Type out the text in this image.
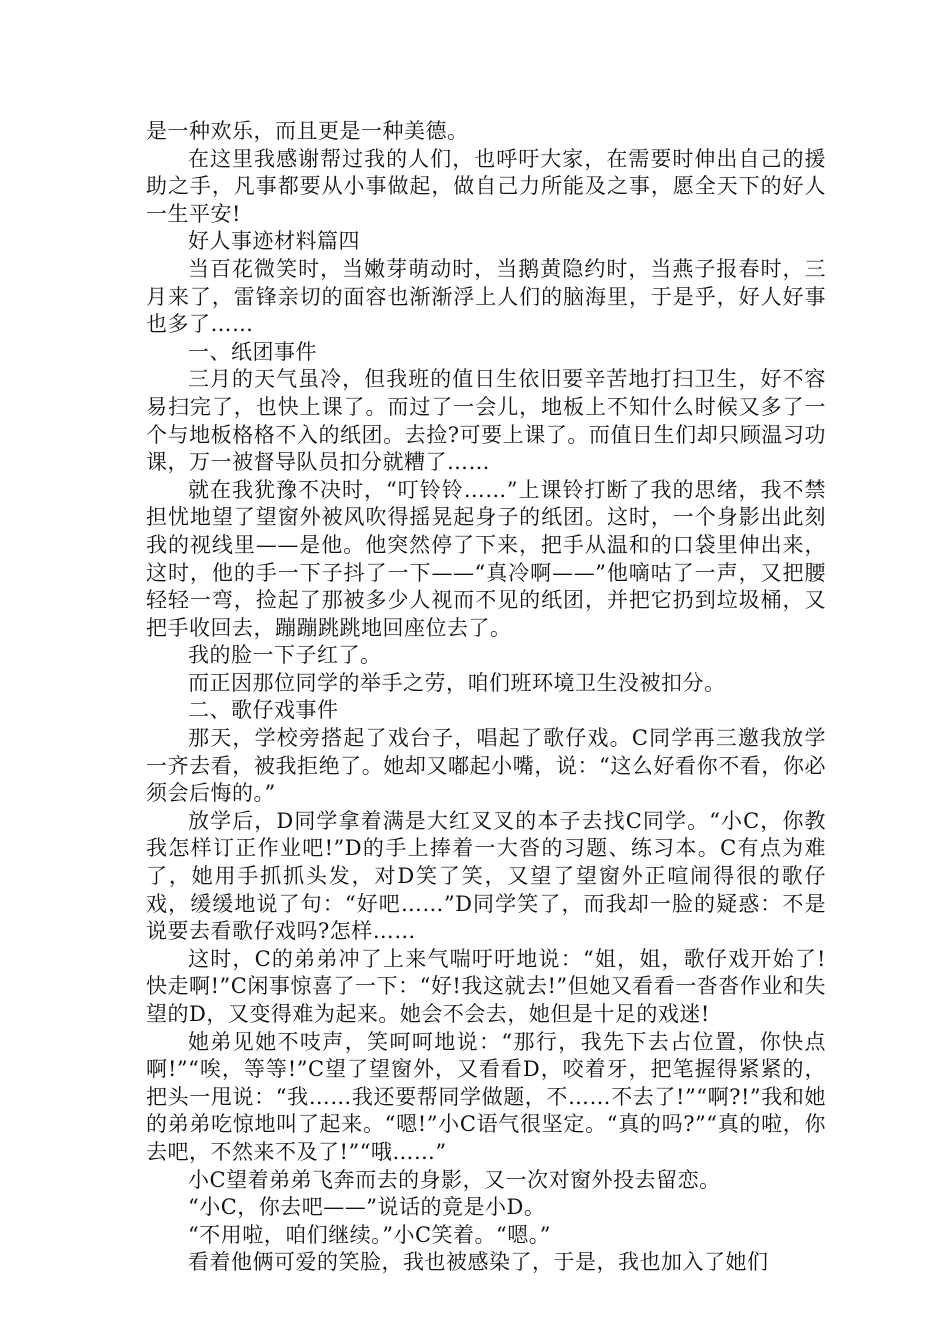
是一种欢乐，而且更是一种美德。

在这里我感谢帮过我的人们，也呼吁大家，在需要时伸出自己的援助之手，凡事都要从小事做起，做自己力所能及之事，愿全天下的好人一生平安!

好人事迹材料篇四

当百花微笑时，当嫩芽萌动时，当鹅黄隐约时，当燕子报春时，三月来了，雷锋亲切的面容也渐渐浮上人们的脑海里，于是乎，好人好事也多了……

一、纸团事件

三月的天气虽冷，但我班的值日生依旧要辛苦地打扫卫生，好不容易扫完了，也快上课了。而过了一会儿，地板上不知什么时候又多了一个与地板格格不入的纸团。去捡?可要上课了。而值日生们却只顾温习功课，万一被督导队员扣分就糟了……

就在我犹豫不决时，“叮铃铃……”上课铃打断了我的思绪，我不禁担忧地望了望窗外被风吹得摇晃起身子的纸团。这时，一个身影出此刻我的视线里——是他。他突然停了下来，把手从温和的口袋里伸出来，这时，他的手一下子抖了一下——“真冷啊——”他嘀咕了一声，又把腰轻轻一弯，捡起了那被多少人视而不见的纸团，并把它扔到垃圾桶，又把手收回去，蹦蹦跳跳地回座位去了。

我的脸一下子红了。

而正因那位同学的举手之劳，咱们班环境卫生没被扣分。

二、歌仔戏事件

那天，学校旁搭起了戏台子，唱起了歌仔戏。C同学再三邀我放学一齐去看，被我拒绝了。她却又嘟起小嘴，说：“这么好看你不看，你必须会后悔的。”

放学后，D同学拿着满是大红叉叉的本子去找C同学。“小C，你教我怎样订正作业吧!”D的手上捧着一大沓的习题、练习本。C有点为难了，她用手抓抓头发，对D笑了笑，又望了望窗外正喧闹得很的歌仔戏，缓缓地说了句：“好吧……”D同学笑了，而我却一脸的疑惑：不是说要去看歌仔戏吗?怎样……

这时，C的弟弟冲了上来气喘吁吁地说：“姐，姐，歌仔戏开始了!快走啊!”C闲事惊喜了一下：“好!我这就去!”但她又看看一沓沓作业和失望的D，又变得难为起来。她会不会去，她但是十足的戏迷!

她弟见她不吱声，笑呵呵地说：“那行，我先下去占位置，你快点啊!”“唉，等等!”C望了望窗外，又看看D，咬着牙，把笔握得紧紧的，把头一甩说：“我……我还要帮同学做题，不……不去了!”“啊?!”我和她的弟弟吃惊地叫了起来。“嗯!”小C语气很坚定。“真的吗?”“真的啦，你去吧，不然来不及了!”“哦……”

小C望着弟弟飞奔而去的身影，又一次对窗外投去留恋。

“小C，你去吧——”说话的竟是小D。

“不用啦，咱们继续。”小C笑着。“嗯。”

看着他俩可爱的笑脸，我也被感染了，于是，我也加入了她们
